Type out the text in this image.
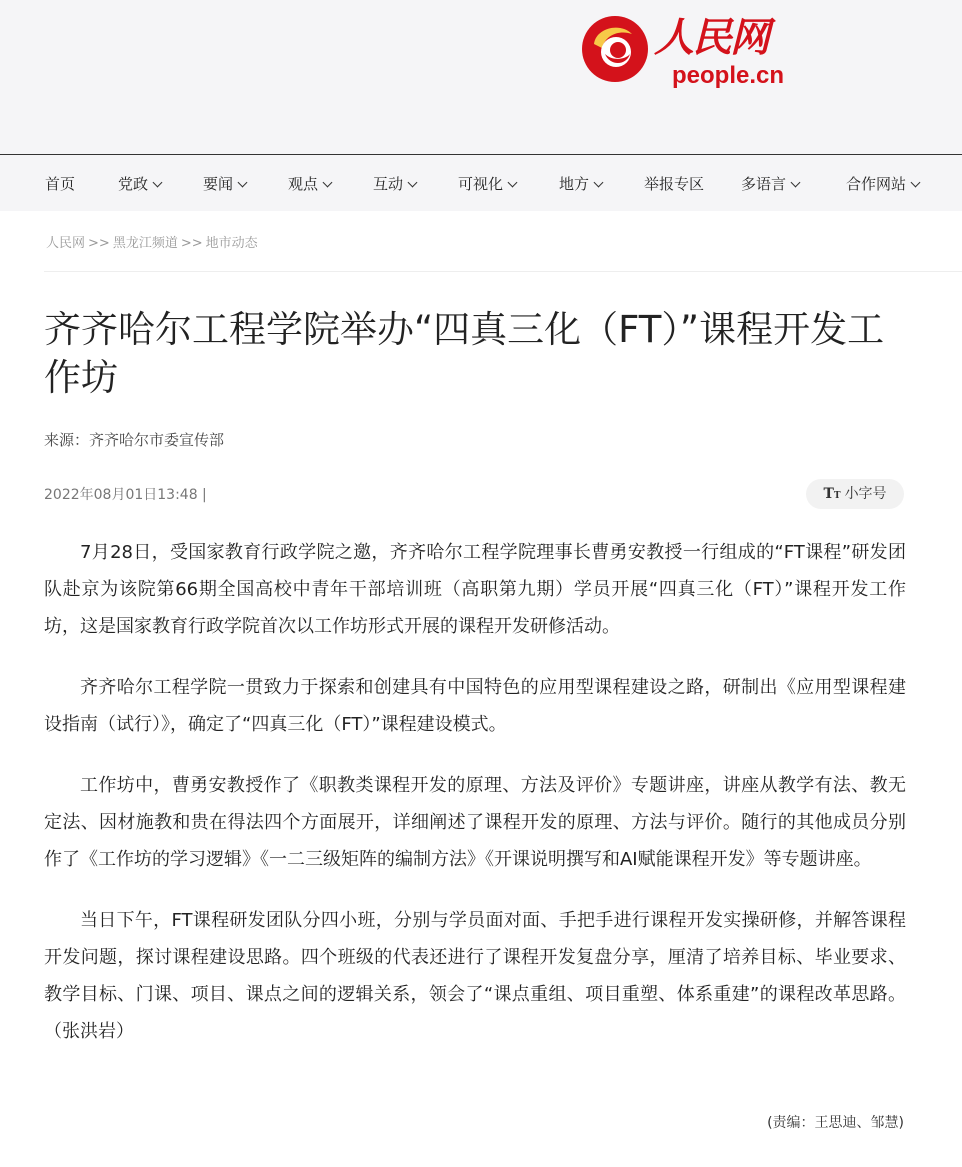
人民网
people.cn
首页	党政	要闻	观点	互动	可视化	地方	举报专区 多语言	合作网站
人民网 >> 黑龙江频道 >> 地市动态
齐齐哈尔工程学院举办“四真三化（FT）”课程开发工作坊
来源：齐齐哈尔市委宣传部
2022年08月01日13:48 |	TT 小字号

7月28日，受国家教育行政学院之邀，齐齐哈尔工程学院理事长曹勇安教授一行组成的“FT课程”研发团队赴京为该院第66期全国高校中青年干部培训班（高职第九期）学员开展“四真三化（FT）”课程开发工作坊，这是国家教育行政学院首次以工作坊形式开展的课程开发研修活动。

齐齐哈尔工程学院一贯致力于探索和创建具有中国特色的应用型课程建设之路，研制出《应用型课程建设指南（试行）》，确定了“四真三化（FT）”课程建设模式。

工作坊中，曹勇安教授作了《职教类课程开发的原理、方法及评价》专题讲座，讲座从教学有法、教无定法、因材施教和贵在得法四个方面展开，详细阐述了课程开发的原理、方法与评价。随行的其他成员分别作了《工作坊的学习逻辑》《一二三级矩阵的编制方法》《开课说明撰写和AI赋能课程开发》等专题讲座。

当日下午，FT课程研发团队分四小班，分别与学员面对面、手把手进行课程开发实操研修，并解答课程开发问题，探讨课程建设思路。四个班级的代表还进行了课程开发复盘分享，厘清了培养目标、毕业要求、教学目标、门课、项目、课点之间的逻辑关系，领会了“课点重组、项目重塑、体系重建”的课程改革思路。（张洪岩）

(责编：王思迪、邹慧)
